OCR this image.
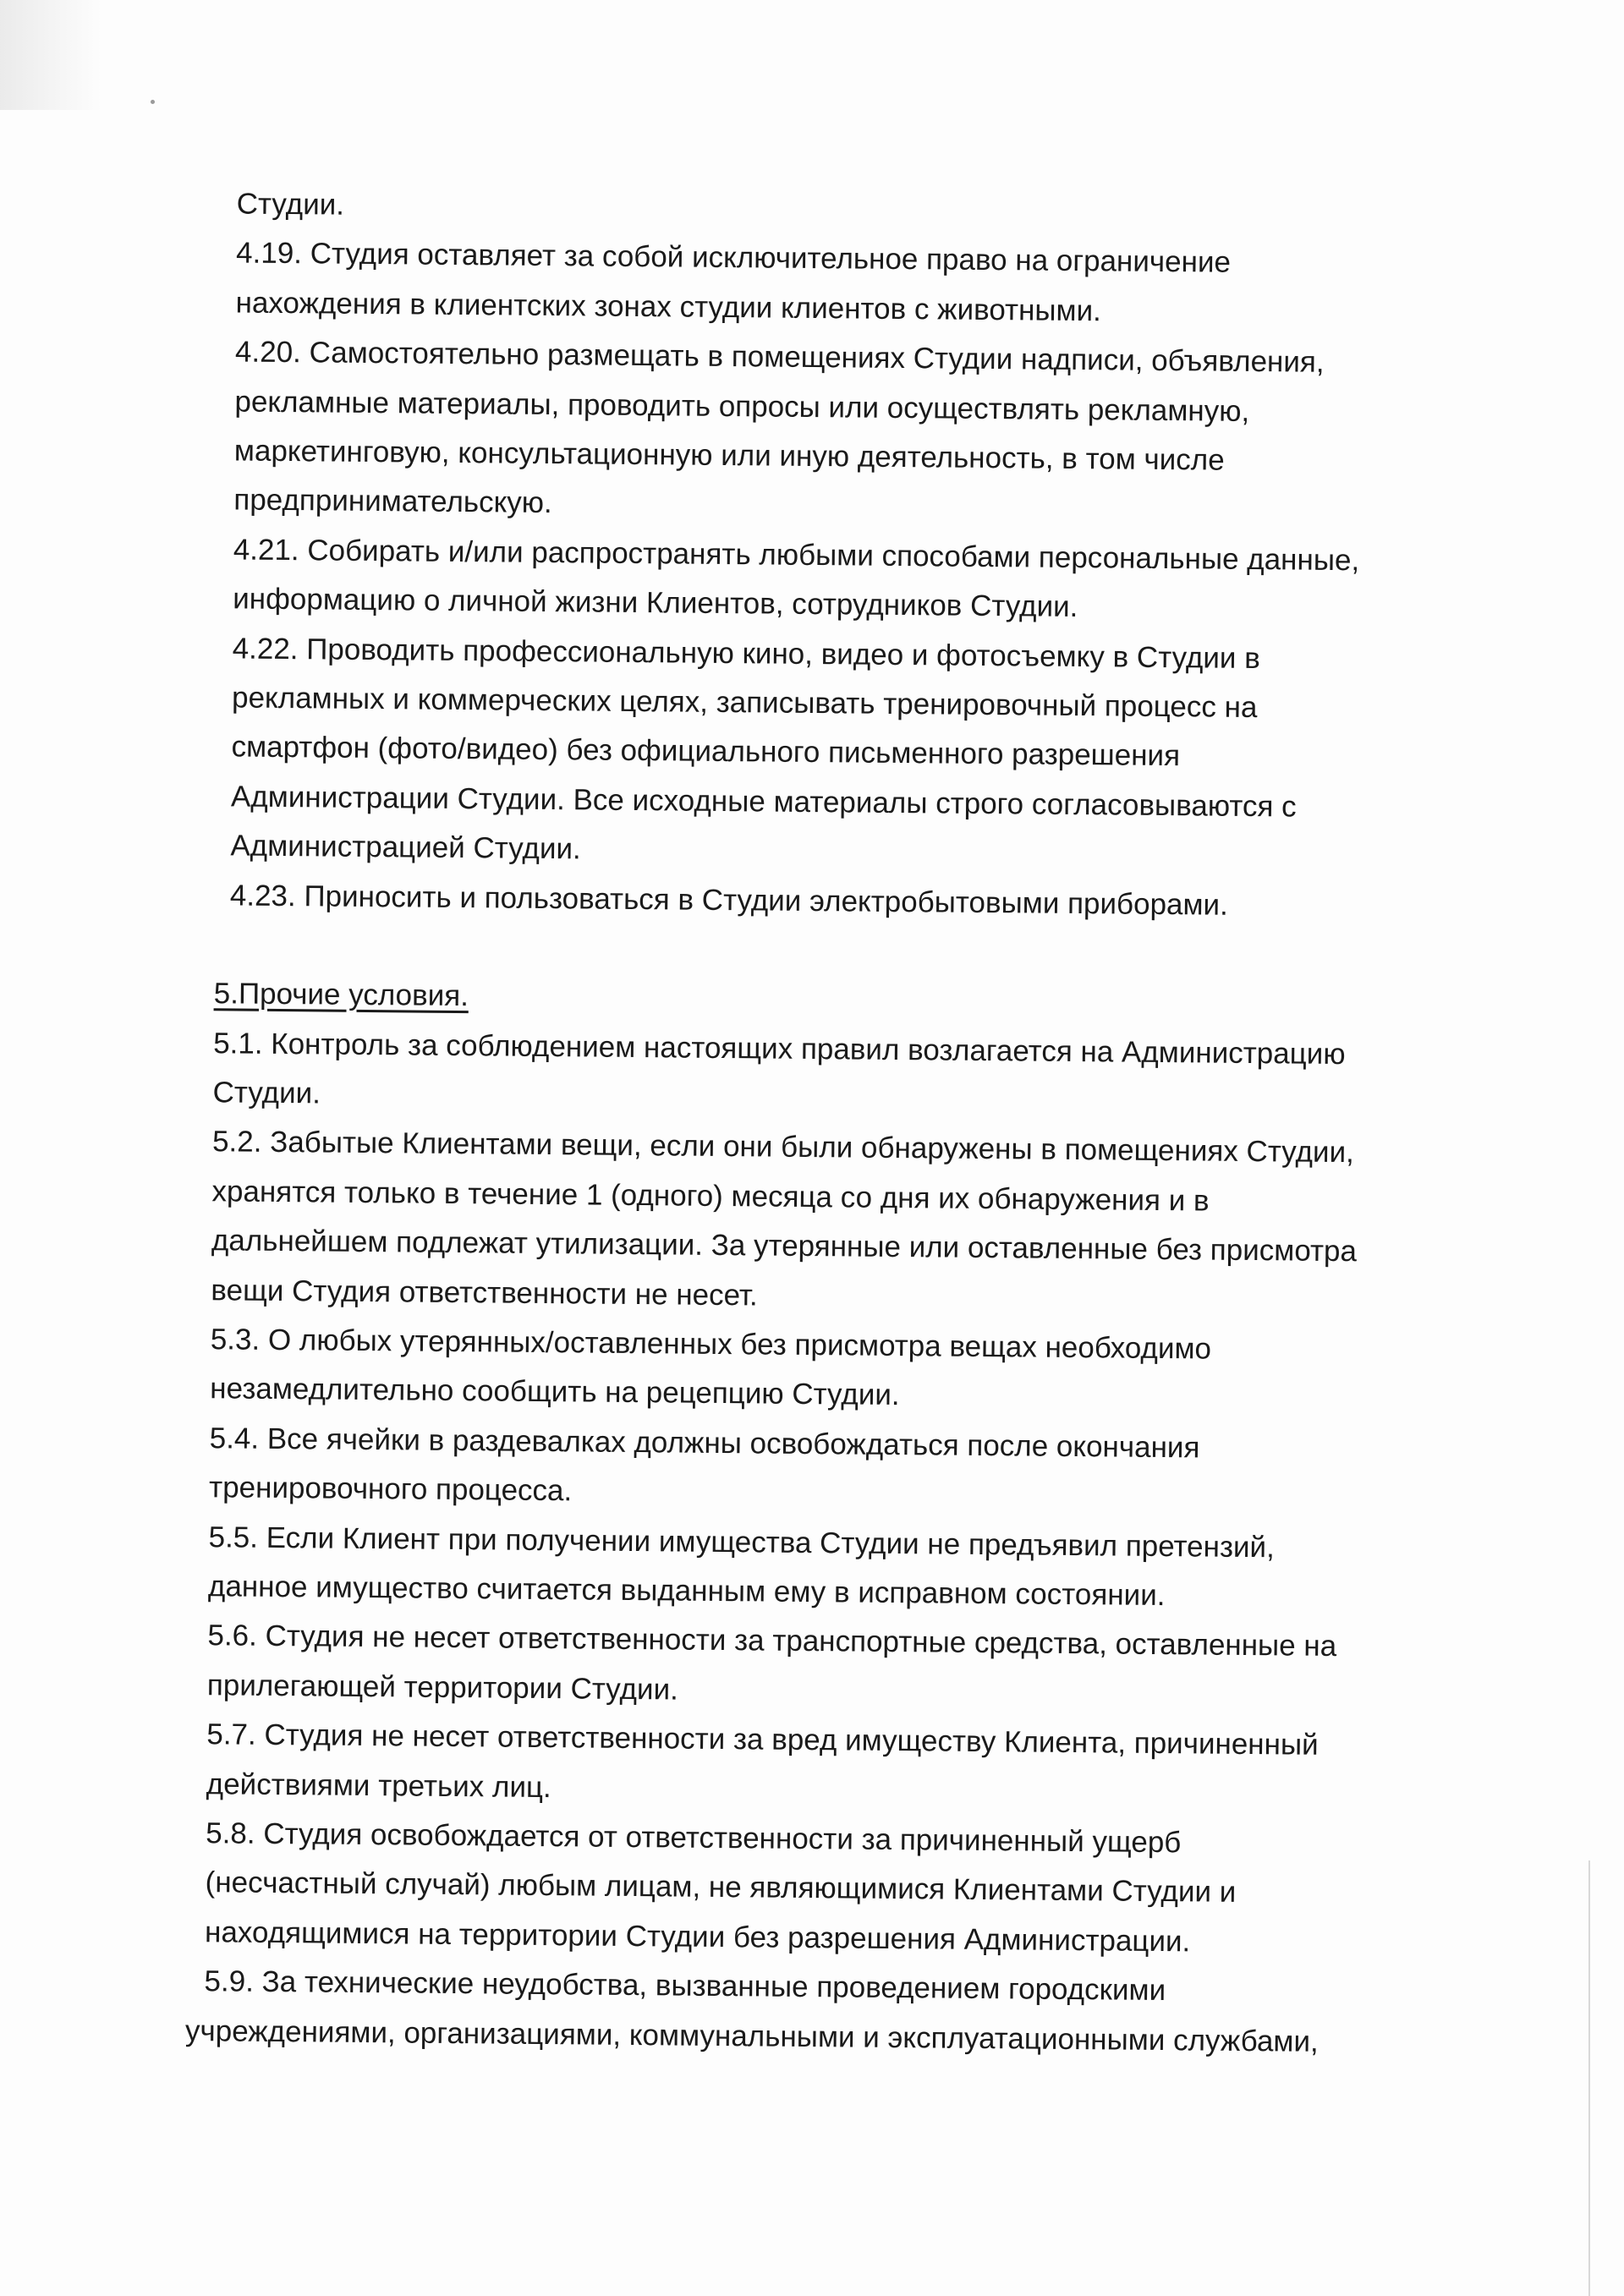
Студии.
4.19. Студия оставляет за собой исключительное право на ограничение
нахождения в клиентских зонах студии клиентов с животными.
4.20. Самостоятельно размещать в помещениях Студии надписи, объявления,
рекламные материалы, проводить опросы или осуществлять рекламную,
маркетинговую, консультационную или иную деятельность, в том числе
предпринимательскую.
4.21. Собирать и/или распространять любыми способами персональные данные,
информацию о личной жизни Клиентов, сотрудников Студии.
4.22. Проводить профессиональную кино, видео и фотосъемку в Студии в
рекламных и коммерческих целях, записывать тренировочный процесс на
смартфон (фото/видео) без официального письменного разрешения
Администрации Студии. Все исходные материалы строго согласовываются с
Администрацией Студии.
4.23. Приносить и пользоваться в Студии электробытовыми приборами.
5.Прочие условия.
5.1. Контроль за соблюдением настоящих правил возлагается на Администрацию
Студии.
5.2. Забытые Клиентами вещи, если они были обнаружены в помещениях Студии,
хранятся только в течение 1 (одного) месяца со дня их обнаружения и в
дальнейшем подлежат утилизации. За утерянные или оставленные без присмотра
вещи Студия ответственности не несет.
5.3. О любых утерянных/оставленных без присмотра вещах необходимо
незамедлительно сообщить на рецепцию Студии.
5.4. Все ячейки в раздевалках должны освобождаться после окончания
тренировочного процесса.
5.5. Если Клиент при получении имущества Студии не предъявил претензий,
данное имущество считается выданным ему в исправном состоянии.
5.6. Студия не несет ответственности за транспортные средства, оставленные на
прилегающей территории Студии.
5.7. Студия не несет ответственности за вред имуществу Клиента, причиненный
действиями третьих лиц.
5.8. Студия освобождается от ответственности за причиненный ущерб
(несчастный случай) любым лицам, не являющимися Клиентами Студии и
находящимися на территории Студии без разрешения Администрации.
5.9. За технические неудобства, вызванные проведением городскими
учреждениями, организациями, коммунальными и эксплуатационными службами,
